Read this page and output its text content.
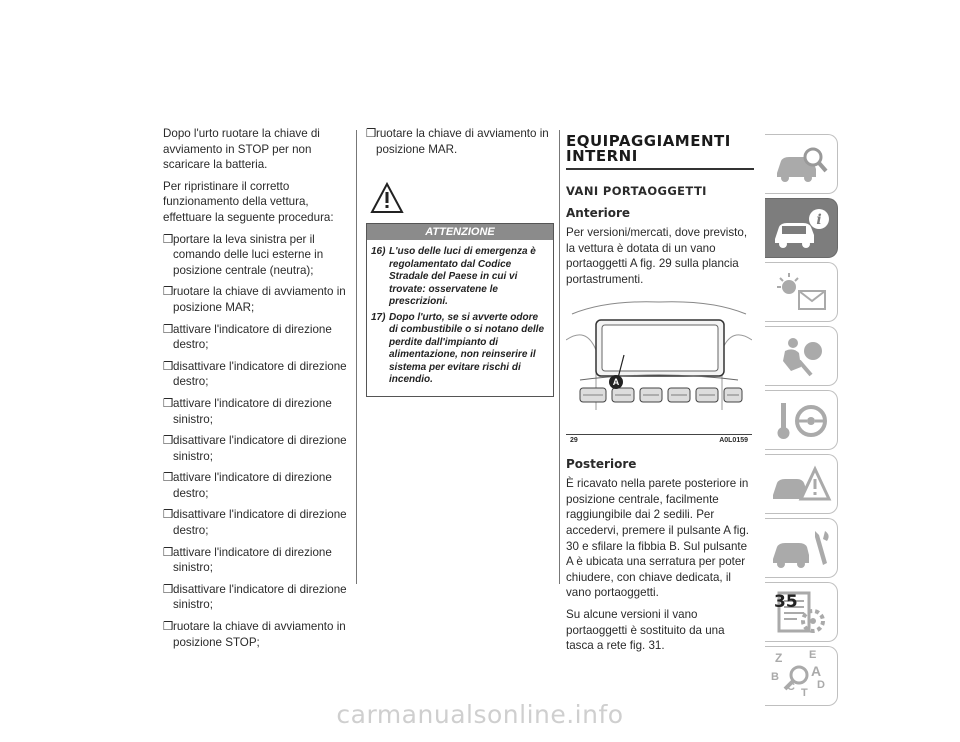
Dopo l'urto ruotare la chiave di avviamento in STOP per non scaricare la batteria.

Per ripristinare il corretto funzionamento della vettura, effettuare la seguente procedura:

❒ portare la leva sinistra per il comando delle luci esterne in posizione centrale (neutra);
❒ ruotare la chiave di avviamento in posizione MAR;
❒ attivare l'indicatore di direzione destro;
❒ disattivare l'indicatore di direzione destro;
❒ attivare l'indicatore di direzione sinistro;
❒ disattivare l'indicatore di direzione sinistro;
❒ attivare l'indicatore di direzione destro;
❒ disattivare l'indicatore di direzione destro;
❒ attivare l'indicatore di direzione sinistro;
❒ disattivare l'indicatore di direzione sinistro;
❒ ruotare la chiave di avviamento in posizione STOP;
❒ ruotare la chiave di avviamento in posizione MAR.
ATTENZIONE
16) L'uso delle luci di emergenza è regolamentato dal Codice Stradale del Paese in cui vi trovate: osservatene le prescrizioni.
17) Dopo l'urto, se si avverte odore di combustibile o si notano delle perdite dall'impianto di alimentazione, non reinserire il sistema per evitare rischi di incendio.
EQUIPAGGIAMENTI INTERNI
VANI PORTAOGGETTI
Anteriore

Per versioni/mercati, dove previsto, la vettura è dotata di un vano portaoggetti A fig. 29 sulla plancia portastrumenti.

A
29	A0L0159
Posteriore

È ricavato nella parete posteriore in posizione centrale, facilmente raggiungibile dai 2 sedili. Per accedervi, premere il pulsante A fig. 30 e sfilare la fibbia B. Sul pulsante A è ubicata una serratura per poter chiudere, con chiave dedicata, il vano portaoggetti.

Su alcune versioni il vano portaoggetti è sostituito da una tasca a rete fig. 31.

i
Z E
A
B
D
C T
35
carmanualsonline.info
